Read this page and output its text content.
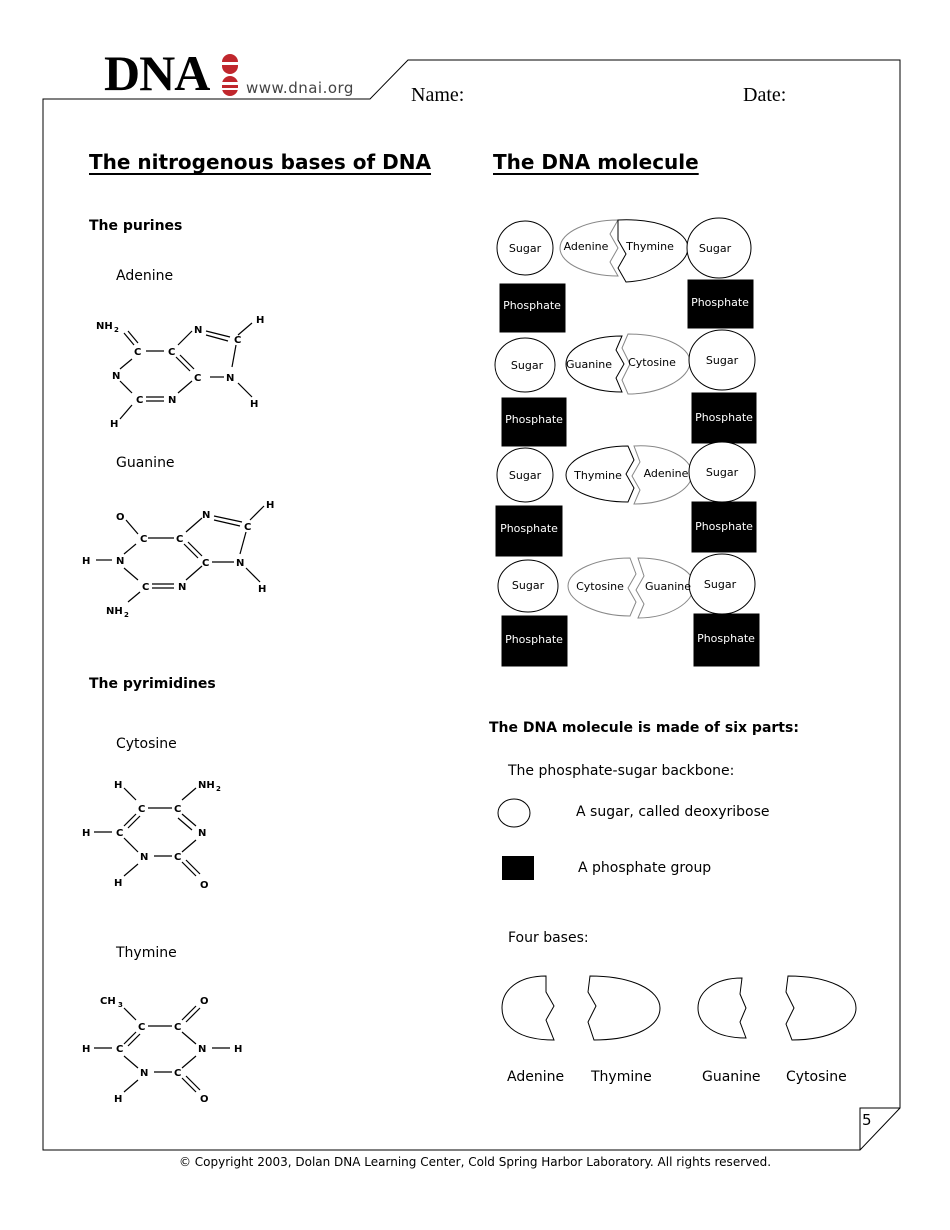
DNA www.dnai.org	Name:	Date:
The nitrogenous bases of DNA
The purines
Adenine
NH 2
C	C
N
C
H
N	C N
C N	H
H
Guanine
O
C	C
N
C
H
H	N	C	N
C	N	H
NH 2
The pyrimidines
Cytosine
H	NH 2
C	C
H	C	N
N	C
H	O
Thymine
CH 3	O
C	C
H	C	N	H
N	C
H	O
The DNA molecule
Sugar Adenine Thymine Sugar
Phosphate	Phosphate
Sugar Guanine Cytosine	Sugar
Phosphate	Phosphate
Sugar	Thymine Adenine Sugar
Phosphate	Phosphate
Sugar	Cytosine Guanine Sugar
Phosphate	Phosphate
The DNA molecule is made of six parts:
The phosphate-sugar backbone:
A sugar, called deoxyribose
A phosphate group
Four bases:
Adenine Thymine	Guanine Cytosine
5
© Copyright 2003, Dolan DNA Learning Center, Cold Spring Harbor Laboratory. All rights reserved.
